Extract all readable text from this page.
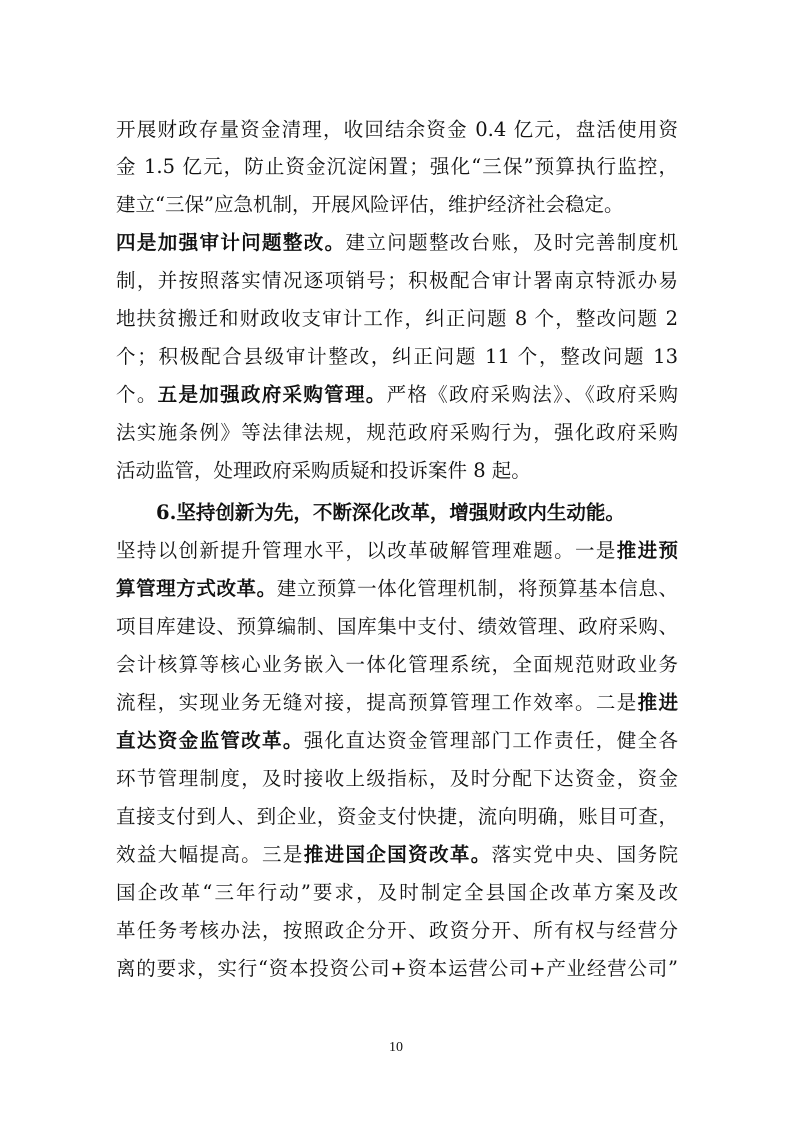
开展财政存量资金清理，收回结余资金 0.4 亿元，盘活使用资
金 1.5 亿元，防止资金沉淀闲置；强化“三保”预算执行监控，
建立“三保”应急机制，开展风险评估，维护经济社会稳定。
四是加强审计问题整改。建立问题整改台账，及时完善制度机
制，并按照落实情况逐项销号；积极配合审计署南京特派办易
地扶贫搬迁和财政收支审计工作，纠正问题 8 个，整改问题 2
个；积极配合县级审计整改，纠正问题 11 个，整改问题 13
个。五是加强政府采购管理。严格《政府采购法》、《政府采购
法实施条例》等法律法规，规范政府采购行为，强化政府采购
活动监管，处理政府采购质疑和投诉案件 8 起。
6.坚持创新为先，不断深化改革，增强财政内生动能。
坚持以创新提升管理水平，以改革破解管理难题。一是推进预
算管理方式改革。建立预算一体化管理机制，将预算基本信息、
项目库建设、预算编制、国库集中支付、绩效管理、政府采购、
会计核算等核心业务嵌入一体化管理系统，全面规范财政业务
流程，实现业务无缝对接，提高预算管理工作效率。二是推进
直达资金监管改革。强化直达资金管理部门工作责任，健全各
环节管理制度，及时接收上级指标，及时分配下达资金，资金
直接支付到人、到企业，资金支付快捷，流向明确，账目可查，
效益大幅提高。三是推进国企国资改革。落实党中央、国务院
国企改革“三年行动”要求，及时制定全县国企改革方案及改
革任务考核办法，按照政企分开、政资分开、所有权与经营分
离的要求，实行“资本投资公司+资本运营公司+产业经营公司”
10
